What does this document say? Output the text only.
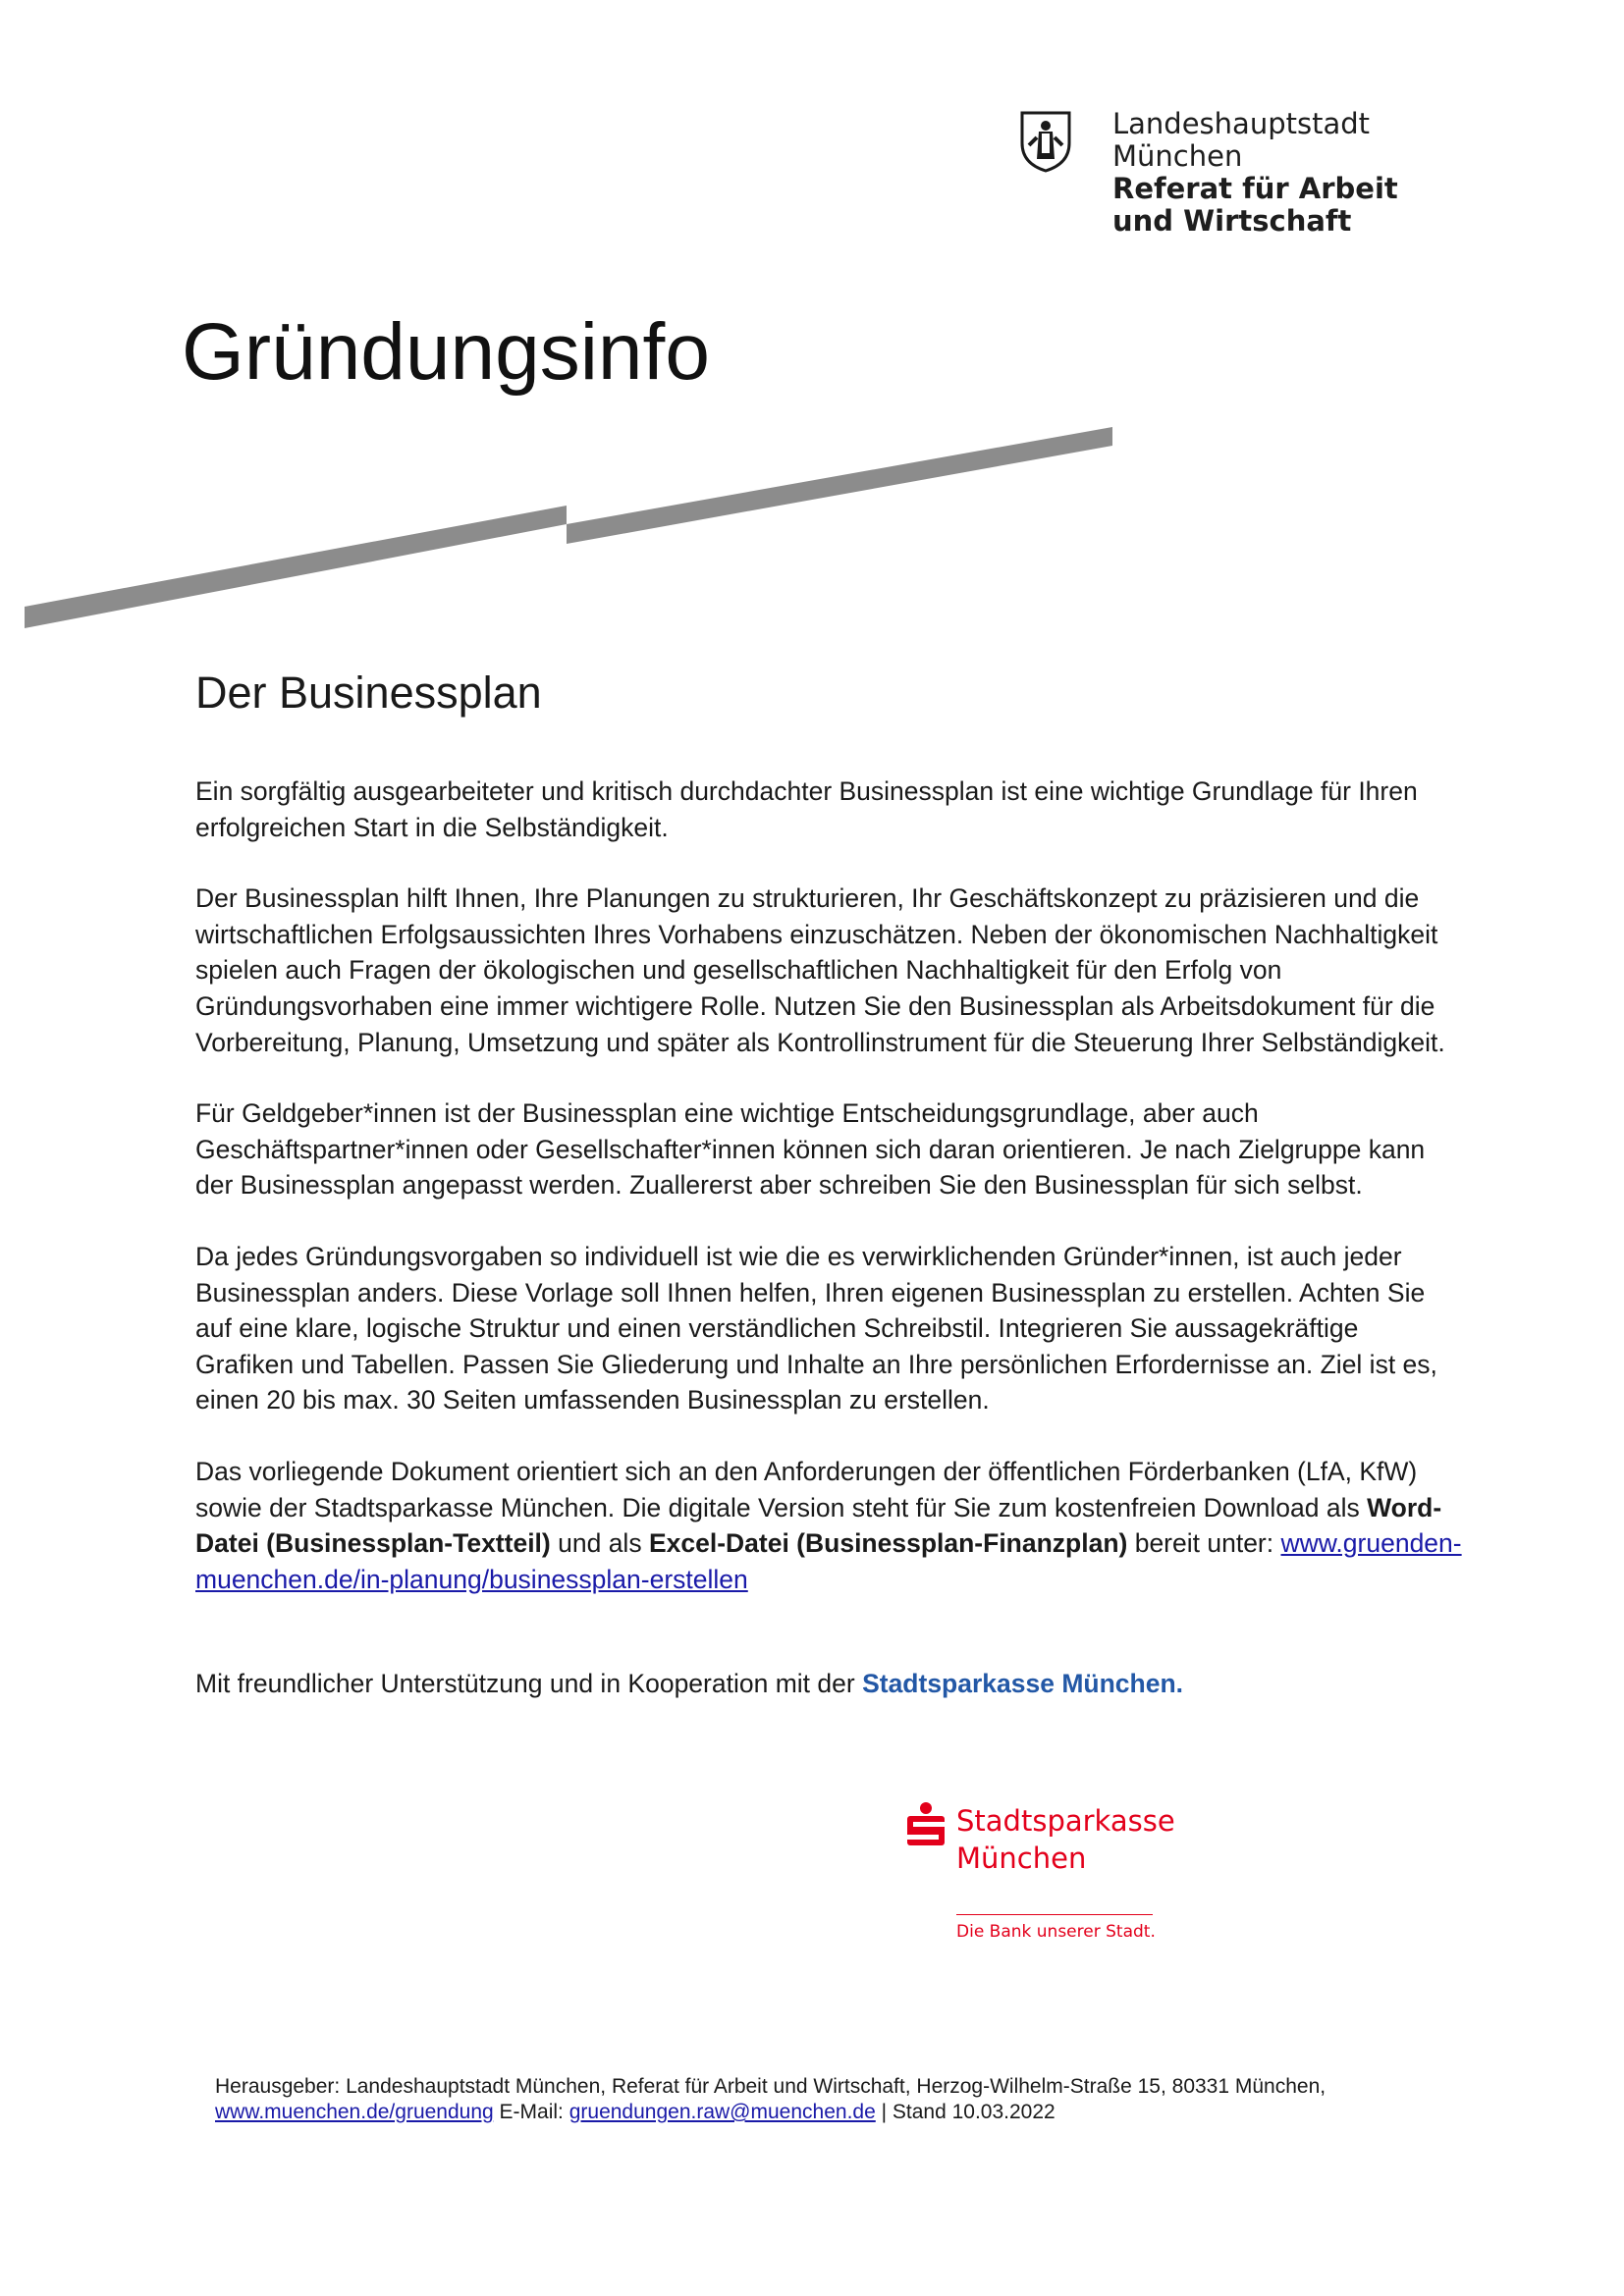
Landeshauptstadt
München
Referat für Arbeit
und Wirtschaft
Gründungsinfo
Der Businessplan

Ein sorgfältig ausgearbeiteter und kritisch durchdachter Businessplan ist eine wichtige Grundlage für Ihren erfolgreichen Start in die Selbständigkeit.

Der Businessplan hilft Ihnen, Ihre Planungen zu strukturieren, Ihr Geschäftskonzept zu präzisieren und die wirtschaftlichen Erfolgsaussichten Ihres Vorhabens einzuschätzen. Neben der ökonomischen Nachhaltigkeit spielen auch Fragen der ökologischen und gesellschaftlichen Nachhaltigkeit für den Erfolg von Gründungsvorhaben eine immer wichtigere Rolle. Nutzen Sie den Businessplan als Arbeitsdokument für die Vorbereitung, Planung, Umsetzung und später als Kontrollinstrument für die Steuerung Ihrer Selbständigkeit.

Für Geldgeber*innen ist der Businessplan eine wichtige Entscheidungsgrundlage, aber auch Geschäftspartner*innen oder Gesellschafter*innen können sich daran orientieren. Je nach Zielgruppe kann der Businessplan angepasst werden. Zuallererst aber schreiben Sie den Businessplan für sich selbst.

Da jedes Gründungsvorgaben so individuell ist wie die es verwirklichenden Gründer*innen, ist auch jeder Businessplan anders. Diese Vorlage soll Ihnen helfen, Ihren eigenen Businessplan zu erstellen. Achten Sie auf eine klare, logische Struktur und einen verständlichen Schreibstil. Integrieren Sie aussagekräftige Grafiken und Tabellen. Passen Sie Gliederung und Inhalte an Ihre persönlichen Erfordernisse an. Ziel ist es, einen 20 bis max. 30 Seiten umfassenden Businessplan zu erstellen.

Das vorliegende Dokument orientiert sich an den Anforderungen der öffentlichen Förderbanken (LfA, KfW) sowie der Stadtsparkasse München. Die digitale Version steht für Sie zum kostenfreien Download als Word-Datei (Businessplan-Textteil) und als Excel-Datei (Businessplan-Finanzplan) bereit unter: www.gruenden-muenchen.de/in-planung/businessplan-erstellen

Mit freundlicher Unterstützung und in Kooperation mit der Stadtsparkasse München.

Stadtsparkasse
München
Die Bank unserer Stadt.
Herausgeber: Landeshauptstadt München, Referat für Arbeit und Wirtschaft, Herzog-Wilhelm-Straße 15, 80331 München,
www.muenchen.de/gruendung E-Mail: gruendungen.raw@muenchen.de | Stand 10.03.2022
